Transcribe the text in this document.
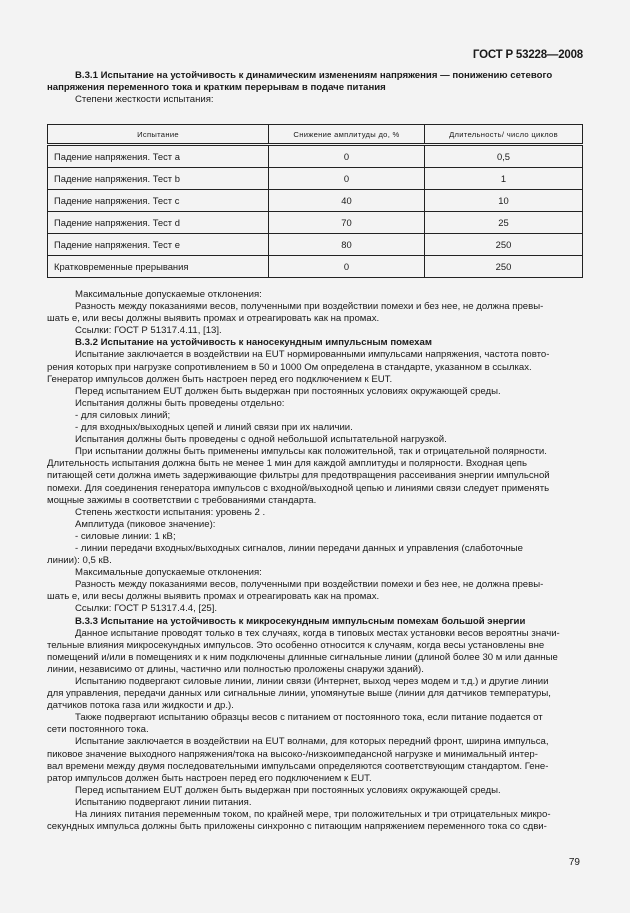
ГОСТ Р 53228—2008

В.3.1 Испытание на устойчивость к динамическим изменениям напряжения — понижению сетевого

напряжения переменного тока и кратким перерывам в подаче питания

Степени жесткости испытания:

Испытание	Снижение амплитуды до, %	Длительность/ число циклов
Падение напряжения. Тест a	0	0,5
Падение напряжения. Тест b	0	1
Падение напряжения. Тест c	40	10
Падение напряжения. Тест d	70	25
Падение напряжения. Тест e	80	250
Кратковременные прерывания	0	250

Максимальные допускаемые отклонения:

Разность между показаниями весов, полученными при воздействии помехи и без нее, не должна превы-

шать e, или весы должны выявить промах и отреагировать как на промах.

Ссылки: ГОСТ Р 51317.4.11, [13].

В.3.2 Испытание на устойчивость к наносекундным импульсным помехам

Испытание заключается в воздействии на EUT нормированными импульсами напряжения, частота повто-

рения которых при нагрузке сопротивлением в 50 и 1000 Ом определена в стандарте, указанном в ссылках.

Генератор импульсов должен быть настроен перед его подключением к EUT.

Перед испытанием EUT должен быть выдержан при постоянных условиях окружающей среды.

Испытания должны быть проведены отдельно:

- для силовых линий;

- для входных/выходных цепей и линий связи при их наличии.

Испытания должны быть проведены с одной небольшой испытательной нагрузкой.

При испытании должны быть применены импульсы как положительной, так и отрицательной полярности.

Длительность испытания должна быть не менее 1 мин для каждой амплитуды и полярности. Входная цепь

питающей сети должна иметь задерживающие фильтры для предотвращения рассеивания энергии импульсной

помехи. Для соединения генератора импульсов с входной/выходной цепью и линиями связи следует применять

мощные зажимы в соответствии с требованиями стандарта.

Степень жесткости испытания: уровень 2 .

Амплитуда (пиковое значение):

- силовые линии: 1 кВ;

- линии передачи входных/выходных сигналов, линии передачи данных и управления (слаботочные

линии): 0,5 кВ.

Максимальные допускаемые отклонения:

Разность между показаниями весов, полученными при воздействии помехи и без нее, не должна превы-

шать e, или весы должны выявить промах и отреагировать как на промах.

Ссылки: ГОСТ Р 51317.4.4, [25].

В.3.3 Испытание на устойчивость к микросекундным импульсным помехам большой энергии

Данное испытание проводят только в тех случаях, когда в типовых местах установки весов вероятны значи-

тельные влияния микросекундных импульсов. Это особенно относится к случаям, когда весы установлены вне

помещений и/или в помещениях и к ним подключены длинные сигнальные линии (длиной более 30 м или данные

линии, независимо от длины, частично или полностью проложены снаружи зданий).

Испытанию подвергают силовые линии, линии связи (Интернет, выход через модем и т.д.) и другие линии

для управления, передачи данных или сигнальные линии, упомянутые выше (линии для датчиков температуры,

датчиков потока газа или жидкости и др.).

Также подвергают испытанию образцы весов с питанием от постоянного тока, если питание подается от

сети постоянного тока.

Испытание заключается в воздействии на EUT волнами, для которых передний фронт, ширина импульса,

пиковое значение выходного напряжения/тока на высоко-/низкоимпедансной нагрузке и минимальный интер-

вал времени между двумя последовательными импульсами определяются соответствующим стандартом. Гене-

ратор импульсов должен быть настроен перед его подключением к EUT.

Перед испытанием EUT должен быть выдержан при постоянных условиях окружающей среды.

Испытанию подвергают линии питания.

На линиях питания переменным током, по крайней мере, три положительных и три отрицательных микро-

секундных импульса должны быть приложены синхронно с питающим напряжением переменного тока со сдви-

79
